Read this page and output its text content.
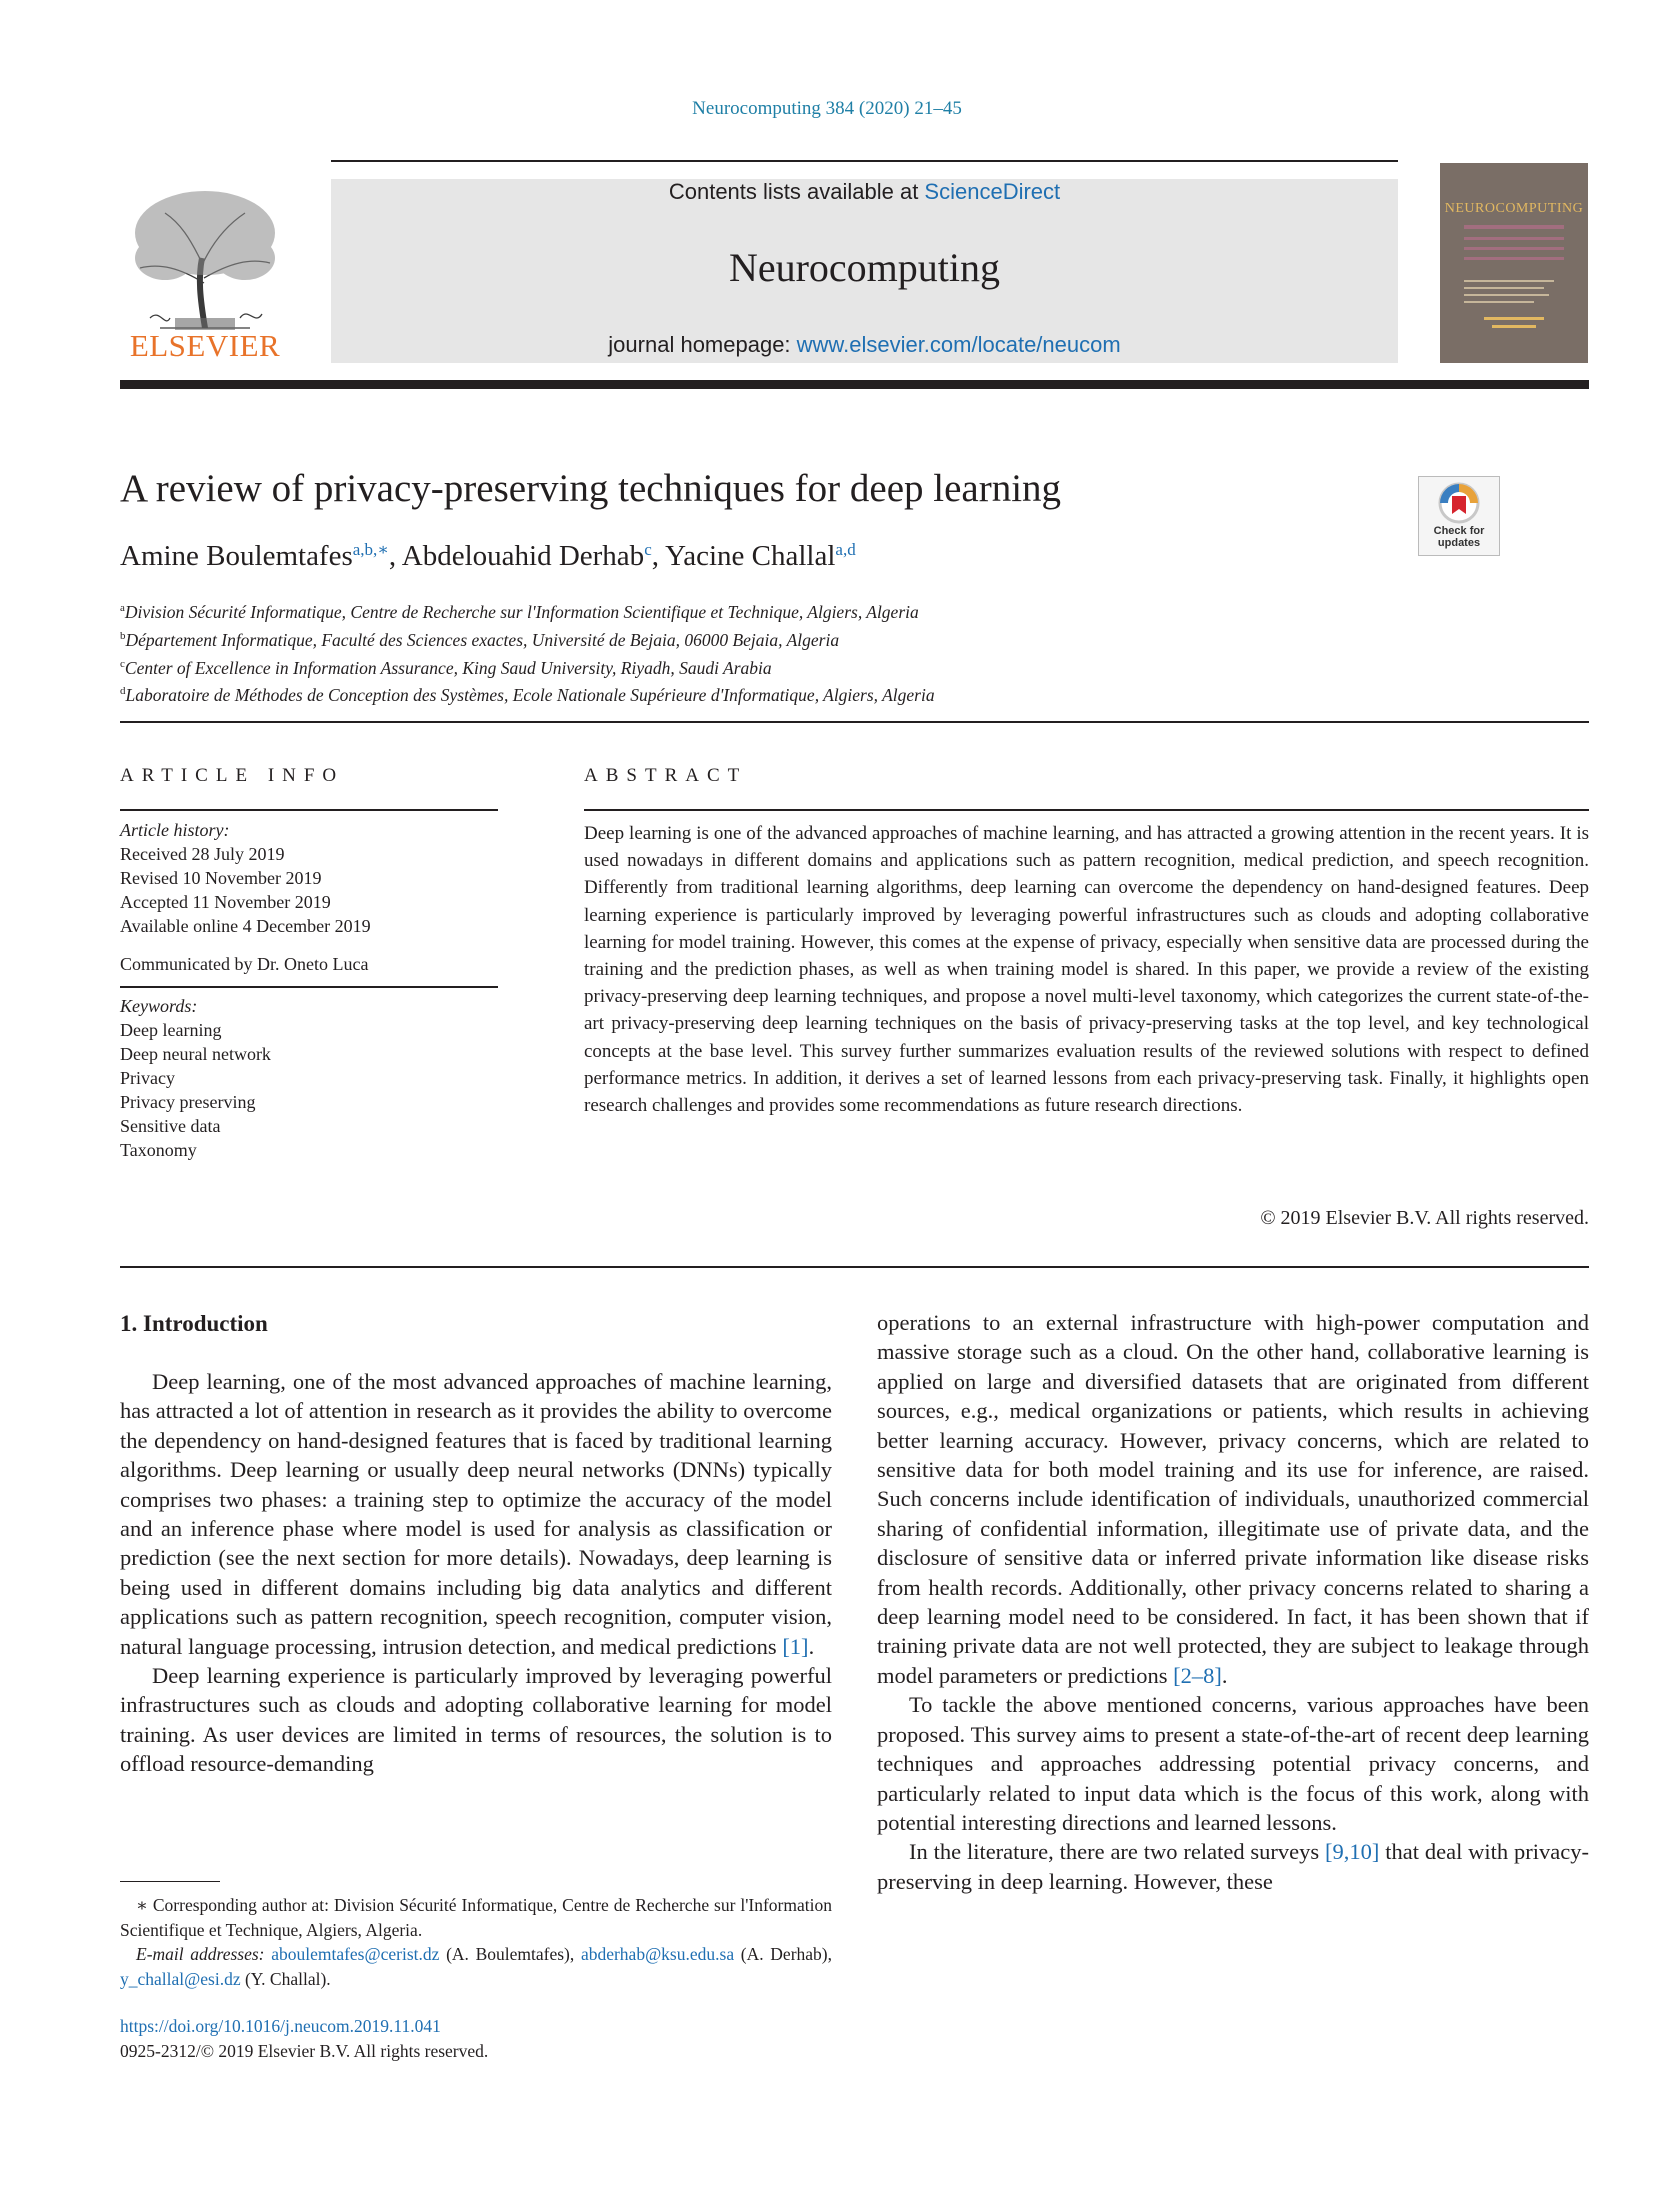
Neurocomputing 384 (2020) 21–45
ELSEVIER
Contents lists available at ScienceDirect
Neurocomputing
journal homepage: www.elsevier.com/locate/neucom
NEUROCOMPUTING
A review of privacy-preserving techniques for deep learning
Check for updates
Amine Boulemtafes$^{a,b,∗}$, Abdelouahid Derhab$^c$, Yacine Challal$^{a,d}$
$^a$Division Sécurité Informatique, Centre de Recherche sur l'Information Scientifique et Technique, Algiers, Algeria
$^b$Département Informatique, Faculté des Sciences exactes, Université de Bejaia, 06000 Bejaia, Algeria
$^c$Center of Excellence in Information Assurance, King Saud University, Riyadh, Saudi Arabia
$^d$Laboratoire de Méthodes de Conception des Systèmes, Ecole Nationale Supérieure d'Informatique, Algiers, Algeria
ARTICLE INFO
Article history:
Received 28 July 2019
Revised 10 November 2019
Accepted 11 November 2019
Available online 4 December 2019
Communicated by Dr. Oneto Luca
Keywords:
Deep learning
Deep neural network
Privacy
Privacy preserving
Sensitive data
Taxonomy
ABSTRACT
Deep learning is one of the advanced approaches of machine learning, and has attracted a growing attention in the recent years. It is used nowadays in different domains and applications such as pattern recognition, medical prediction, and speech recognition. Differently from traditional learning algorithms, deep learning can overcome the dependency on hand-designed features. Deep learning experience is particularly improved by leveraging powerful infrastructures such as clouds and adopting collaborative learning for model training. However, this comes at the expense of privacy, especially when sensitive data are processed during the training and the prediction phases, as well as when training model is shared. In this paper, we provide a review of the existing privacy-preserving deep learning techniques, and propose a novel multi-level taxonomy, which categorizes the current state-of-the-art privacy-preserving deep learning techniques on the basis of privacy-preserving tasks at the top level, and key technological concepts at the base level. This survey further summarizes evaluation results of the reviewed solutions with respect to defined performance metrics. In addition, it derives a set of learned lessons from each privacy-preserving task. Finally, it highlights open research challenges and provides some recommendations as future research directions.
© 2019 Elsevier B.V. All rights reserved.
1. Introduction

Deep learning, one of the most advanced approaches of machine learning, has attracted a lot of attention in research as it provides the ability to overcome the dependency on hand-designed features that is faced by traditional learning algorithms. Deep learning or usually deep neural networks (DNNs) typically comprises two phases: a training step to optimize the accuracy of the model and an inference phase where model is used for analysis as classification or prediction (see the next section for more details). Nowadays, deep learning is being used in different domains including big data analytics and different applications such as pattern recognition, speech recognition, computer vision, natural language processing, intrusion detection, and medical predictions [1].

Deep learning experience is particularly improved by leveraging powerful infrastructures such as clouds and adopting collaborative learning for model training. As user devices are limited in terms of resources, the solution is to offload resource-demanding

operations to an external infrastructure with high-power computation and massive storage such as a cloud. On the other hand, collaborative learning is applied on large and diversified datasets that are originated from different sources, e.g., medical organizations or patients, which results in achieving better learning accuracy. However, privacy concerns, which are related to sensitive data for both model training and its use for inference, are raised. Such concerns include identification of individuals, unauthorized commercial sharing of confidential information, illegitimate use of private data, and the disclosure of sensitive data or inferred private information like disease risks from health records. Additionally, other privacy concerns related to sharing a deep learning model need to be considered. In fact, it has been shown that if training private data are not well protected, they are subject to leakage through model parameters or predictions [2–8].

To tackle the above mentioned concerns, various approaches have been proposed. This survey aims to present a state-of-the-art of recent deep learning techniques and approaches addressing potential privacy concerns, and particularly related to input data which is the focus of this work, along with potential interesting directions and learned lessons.

In the literature, there are two related surveys [9,10] that deal with privacy-preserving in deep learning. However, these

∗ Corresponding author at: Division Sécurité Informatique, Centre de Recherche sur l'Information Scientifique et Technique, Algiers, Algeria.
E-mail addresses: aboulemtafes@cerist.dz (A. Boulemtafes), abderhab@ksu.edu.sa (A. Derhab), y_challal@esi.dz (Y. Challal).
https://doi.org/10.1016/j.neucom.2019.11.041
0925-2312/© 2019 Elsevier B.V. All rights reserved.
